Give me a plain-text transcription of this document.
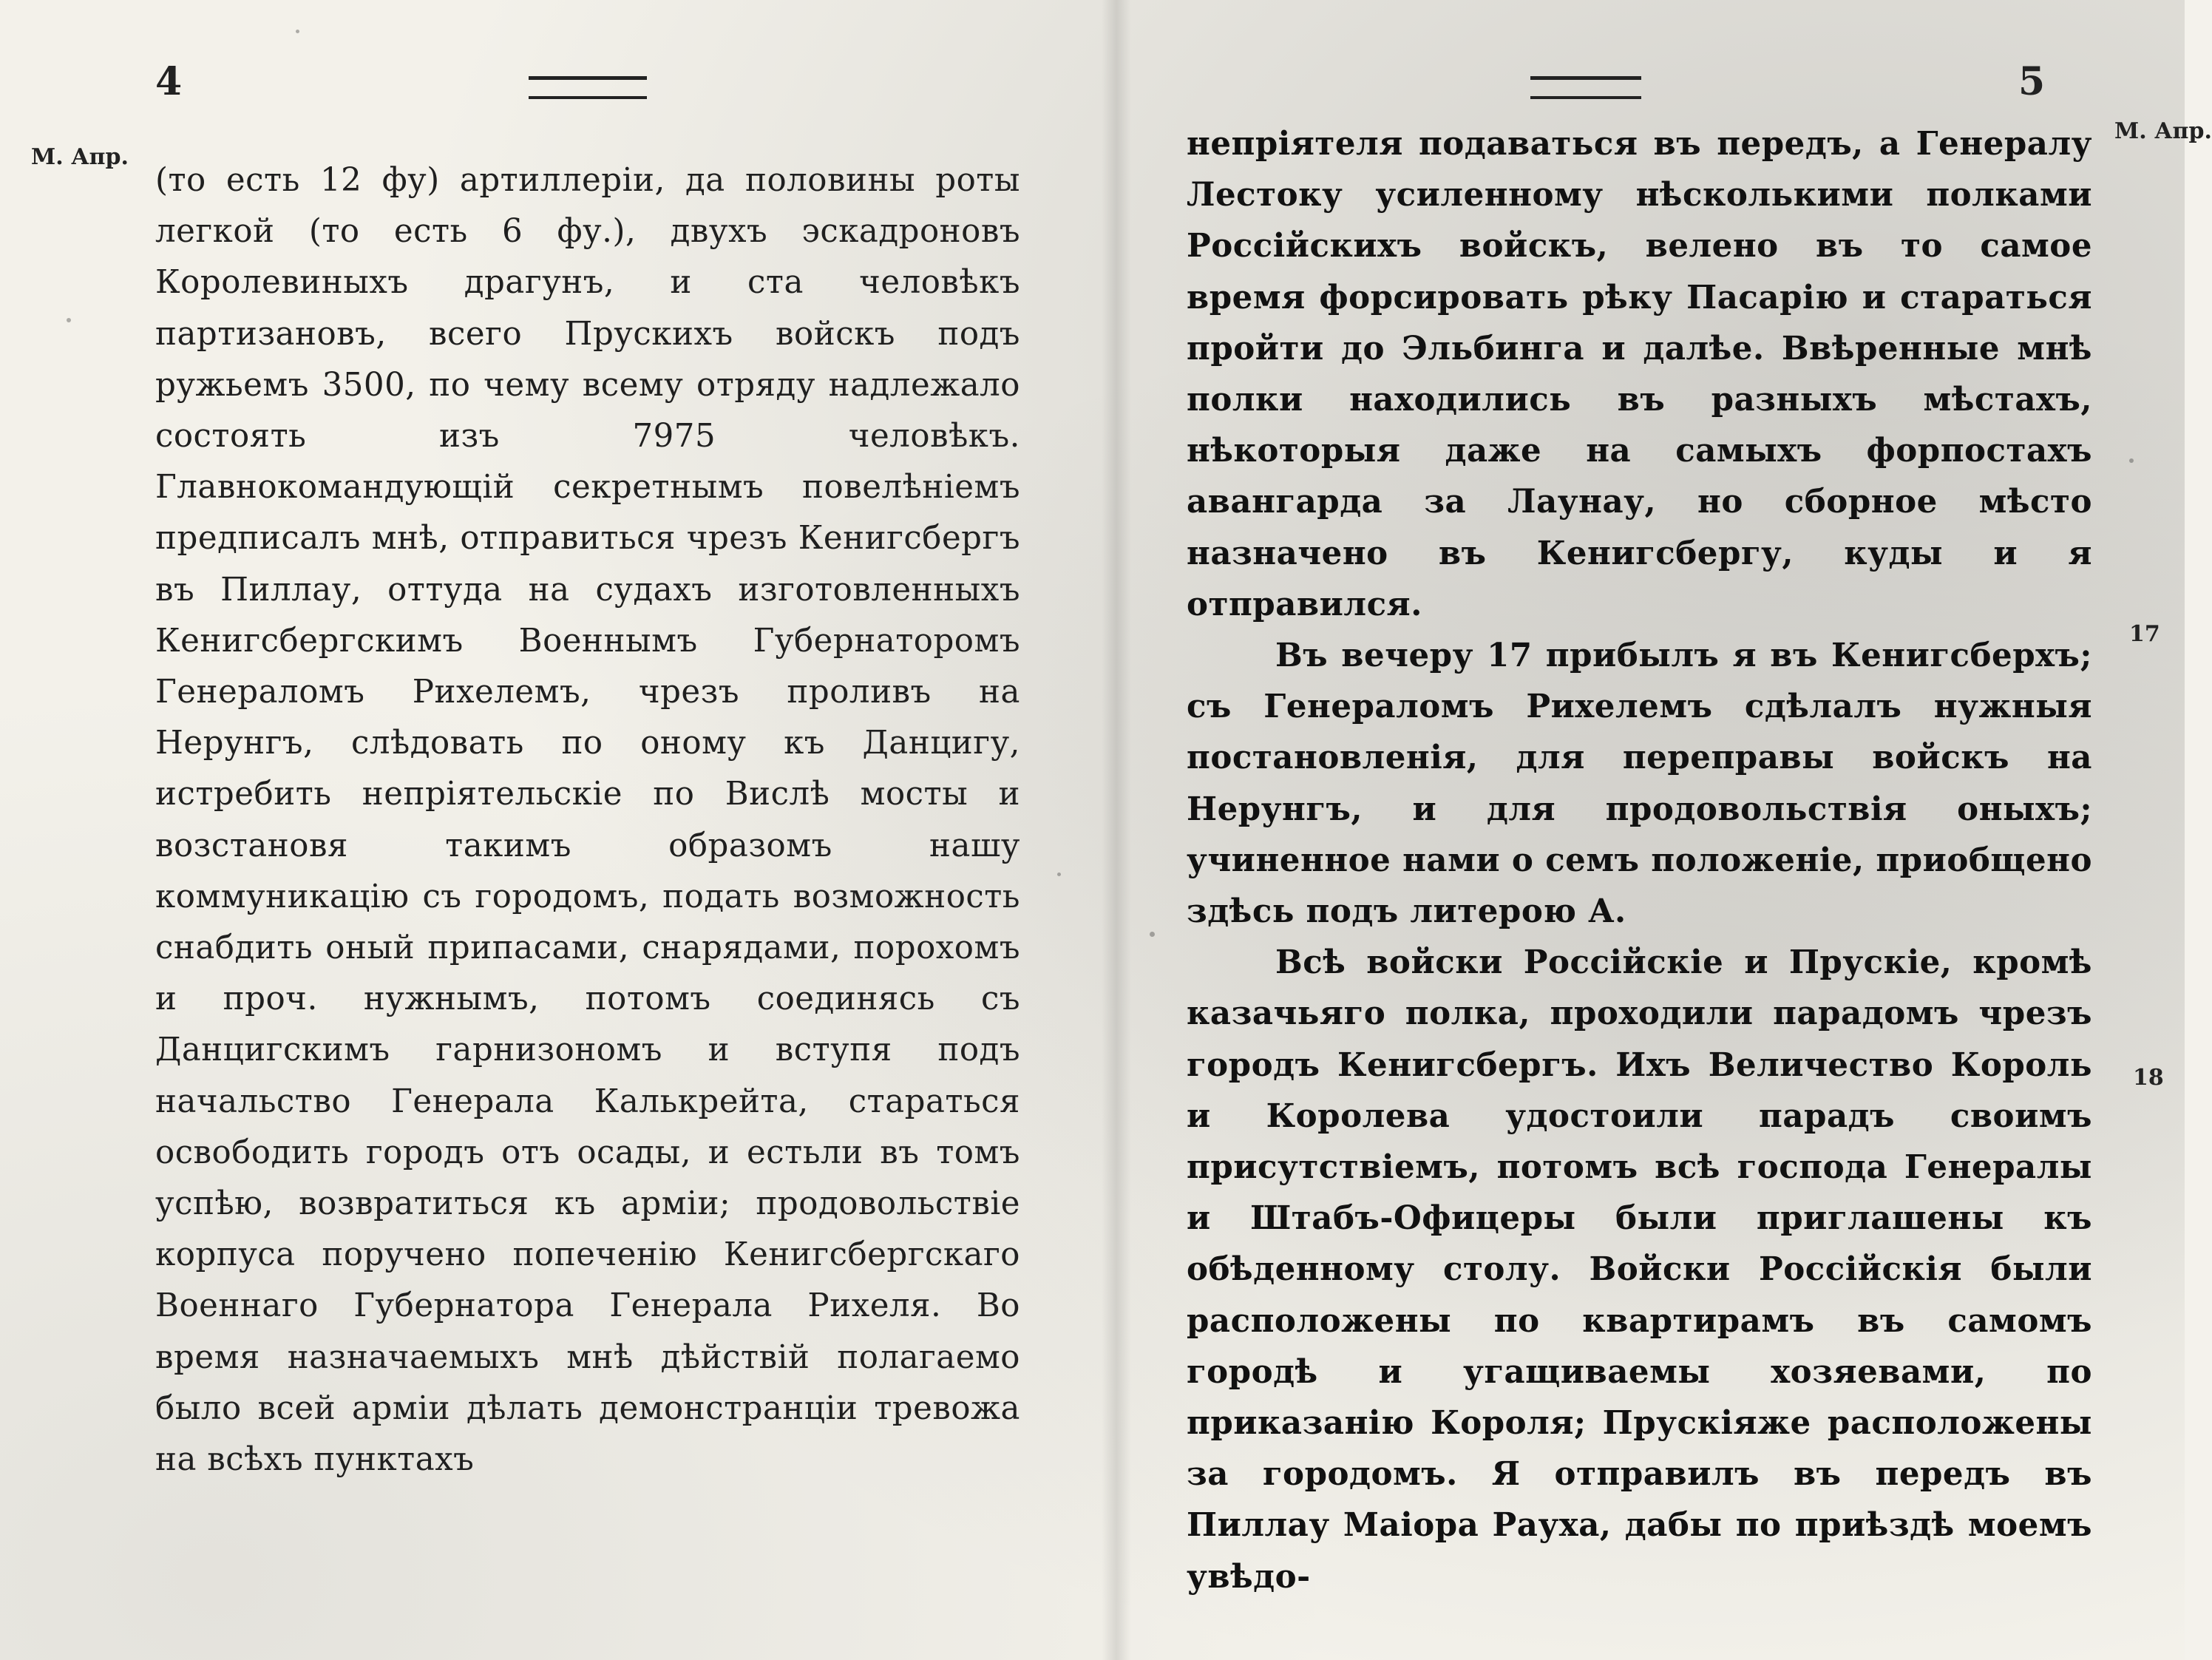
4
М. Апр.

(то есть 12 фу) артиллеріи, да половины роты легкой (то есть 6 фу.), двухъ эскадроновъ Королевиныхъ драгунъ, и ста человѣкъ партизановъ, всего Прускихъ войскъ подъ ружьемъ 3500, по чему всему отряду надлежало состоять изъ 7975 человѣкъ. Главнокомандующій секретнымъ повелѣніемъ предписалъ мнѣ, отправиться чрезъ Кенигсбергъ въ Пиллау, оттуда на судахъ изготовленныхъ Кенигсбергскимъ Военнымъ Губернаторомъ Генераломъ Рихелемъ, чрезъ проливъ на Нерунгъ, слѣдовать по оному къ Данцигу, истребить непріятельскіе по Вислѣ мосты и возстановя такимъ образомъ нашу коммуникацію съ городомъ, подать возможность снабдить оный припасами, снарядами, порохомъ и проч. нужнымъ, потомъ соединясь съ Данцигскимъ гарнизономъ и вступя подъ начальство Генерала Калькрейта, стараться освободить городъ отъ осады, и естьли въ томъ успѣю, возвратиться къ арміи; продовольствіе корпуса поручено попеченію Кенигсбергскаго Военнаго Губернатора Генерала Рихеля. Во время назначаемыхъ мнѣ дѣйствій полагаемо было всей арміи дѣлать демонстранціи тревожа на всѣхъ пунктахъ

5
М. Апр.
17
18

непріятеля подаваться въ передъ, а Генералу Лестоку усиленному нѣсколькими полками Россійскихъ войскъ, велено въ то самое время форсировать рѣку Пасарію и стараться пройти до Эльбинга и далѣе. Ввѣренные мнѣ полки находились въ разныхъ мѣстахъ, нѣкоторыя даже на самыхъ форпостахъ авангарда за Лаунау, но сборное мѣсто назначено въ Кенигсбергу, куды и я отправился.

Въ вечеру 17 прибылъ я въ Кенигсберхъ; съ Генераломъ Рихелемъ сдѣлалъ нужныя постановленія, для переправы войскъ на Нерунгъ, и для продовольствія оныхъ; учиненное нами о семъ положеніе, приобщено здѣсь подъ литерою А.

Всѣ войски Россійскіе и Прускіе, кромѣ казачьяго полка, проходили парадомъ чрезъ городъ Кенигсбергъ. Ихъ Величество Король и Королева удостоили парадъ своимъ присутствіемъ, потомъ всѣ господа Генералы и Штабъ-Офицеры были приглашены къ обѣденному столу. Войски Россійскія были расположены по квартирамъ въ самомъ городѣ и угащиваемы хозяевами, по приказанію Короля; Прускіяже расположены за городомъ. Я отправилъ въ передъ въ Пиллау Маіора Рауха, дабы по приѣздѣ моемъ увѣдо-
